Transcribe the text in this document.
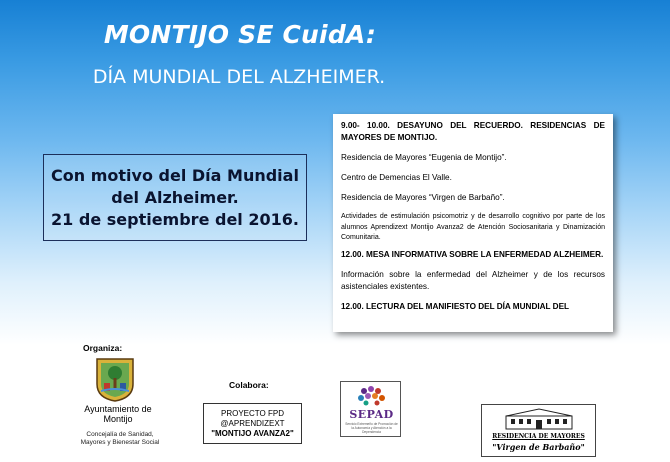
MONTIJO SE CuidA:
DÍA MUNDIAL DEL ALZHEIMER.
Con motivo del Día Mundial
del Alzheimer.
21 de septiembre del 2016.

9.00- 10.00. DESAYUNO DEL RECUERDO. RESIDENCIAS DE MAYORES DE MONTIJO.

Residencia de Mayores “Eugenia de Montijo”.

Centro de Demencias El Valle.

Residencia de Mayores “Virgen de Barbaño”.

Actividades de estimulación psicomotriz y de desarrollo cognitivo por parte de los alumnos Aprendizext Montijo Avanza2 de Atención Sociosanitaria y Dinamización Comunitaria.

12.00. MESA INFORMATIVA SOBRE LA ENFERMEDAD ALZHEIMER.

Información sobre la enfermedad del Alzheimer y de los recursos asistenciales existentes.

12.00. LECTURA DEL MANIFIESTO DEL DÍA MUNDIAL DEL

Organiza:
Ayuntamiento de
Montijo
Concejalía de Sanidad,
Mayores y Bienestar Social
Colabora:
PROYECTO FPD
@APRENDIZEXT
"MONTIJO AVANZA2"
SEPAD
Servicio Extremeño de Promoción de la Autonomía y Atención a la Dependencia
RESIDENCIA DE MAYORES
"Virgen de Barbaño"
